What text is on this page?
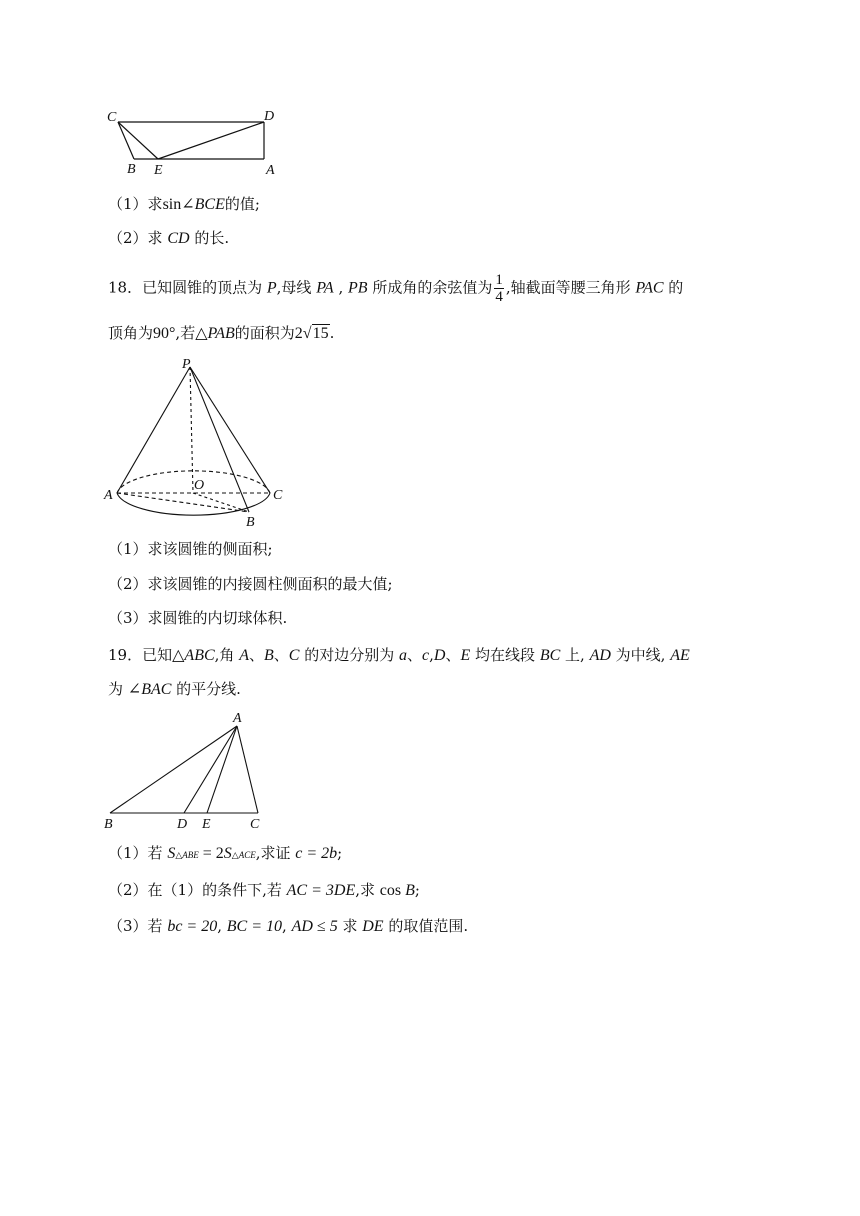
C	D
B E	A
（1）求sin∠BCE的值;
（2）求 CD 的长.
18．已知圆锥的顶点为 P,母线 PA , PB 所成角的余弦值为 $\frac{1}{4}$ ,轴截面等腰三角形 PAC 的
顶角为90°,若△PAB的面积为2√15.
P
A
O
C
B
（1）求该圆锥的侧面积;
（2）求该圆锥的内接圆柱侧面积的最大值;
（3）求圆锥的内切球体积.
19．已知△ABC,角 A、B、C 的对边分别为 a、c,D、E 均在线段 BC 上, AD 为中线, AE
为 ∠BAC 的平分线.
A
B	D E	C
（1）若 S△ABE = 2S△ACE,求证 c = 2b;
（2）在（1）的条件下,若 AC = 3DE,求 cos B;
（3）若 bc = 20, BC = 10, AD ≤ 5 求 DE 的取值范围.
